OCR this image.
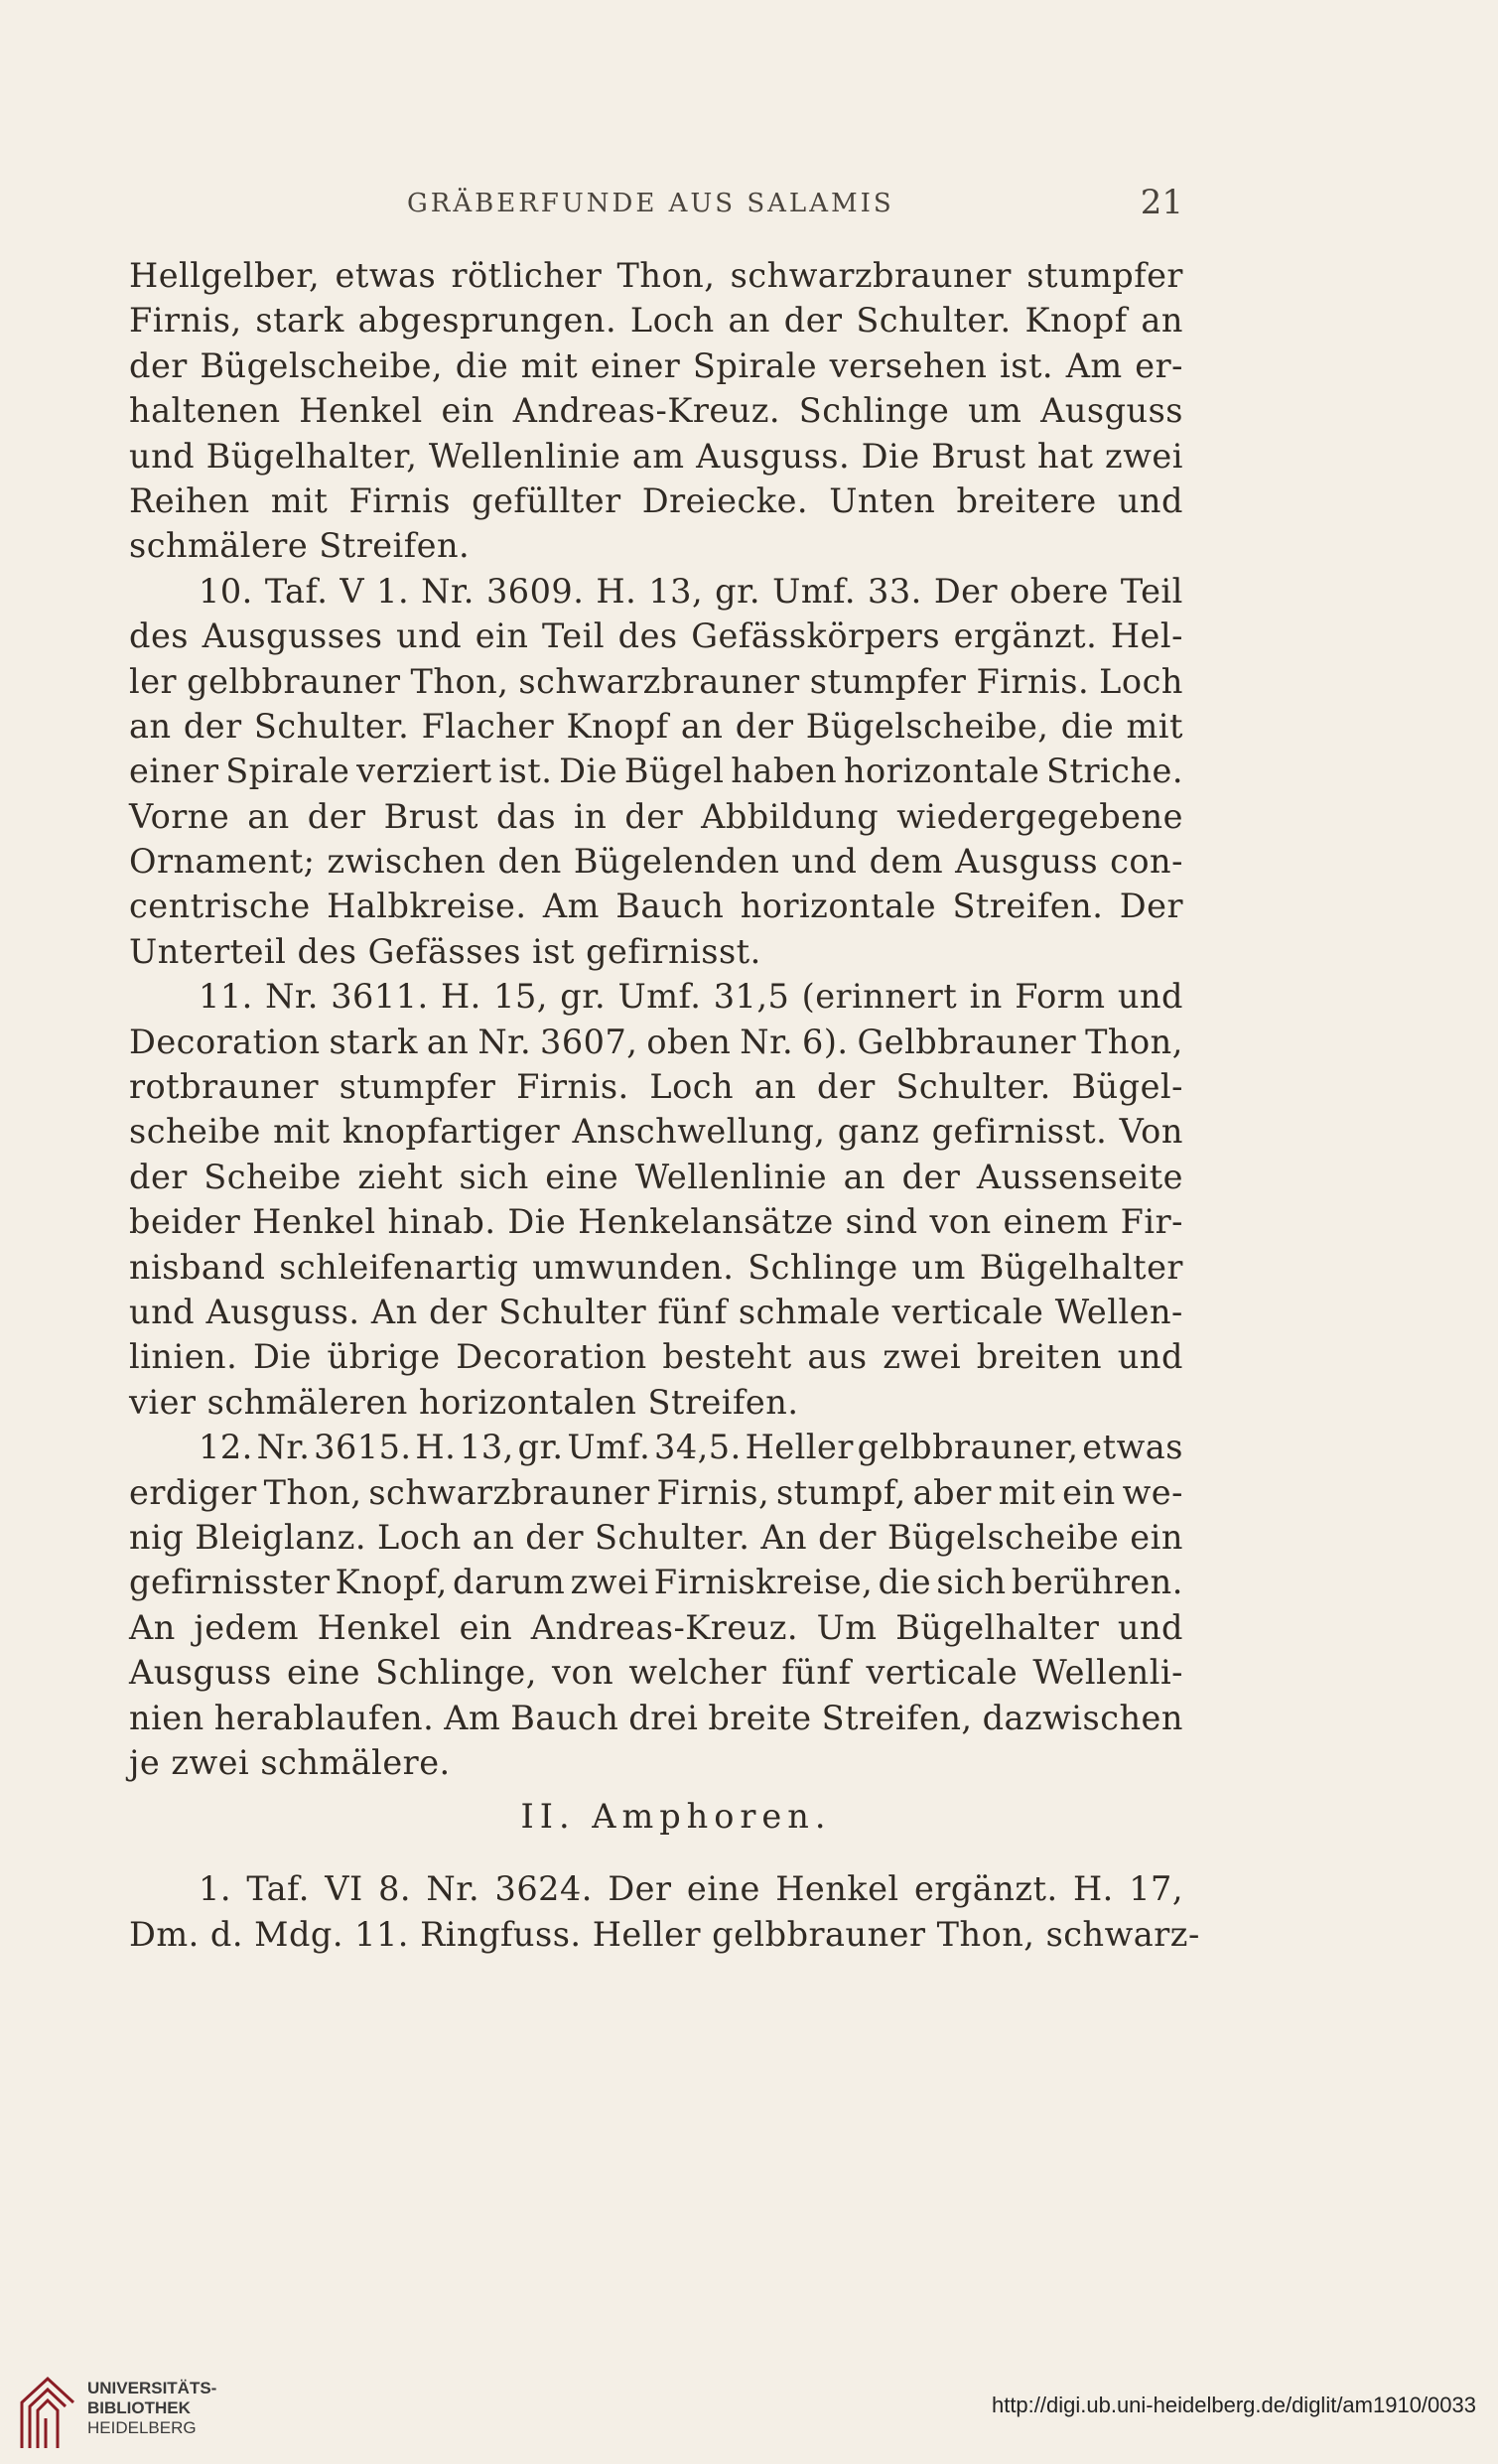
GRÄBERFUNDE AUS SALAMIS	21
Hellgelber, etwas rötlicher Thon, schwarzbrauner stumpfer
Firnis, stark abgesprungen. Loch an der Schulter. Knopf an
der Bügelscheibe, die mit einer Spirale versehen ist. Am er-
haltenen Henkel ein Andreas-Kreuz. Schlinge um Ausguss
und Bügelhalter, Wellenlinie am Ausguss. Die Brust hat zwei
Reihen mit Firnis gefüllter Dreiecke. Unten breitere und
schmälere Streifen.
10. Taf. V 1. Nr. 3609. H. 13, gr. Umf. 33. Der obere Teil
des Ausgusses und ein Teil des Gefässkörpers ergänzt. Hel-
ler gelbbrauner Thon, schwarzbrauner stumpfer Firnis. Loch
an der Schulter. Flacher Knopf an der Bügelscheibe, die mit
einer Spirale verziert ist. Die Bügel haben horizontale Striche.
Vorne an der Brust das in der Abbildung wiedergegebene
Ornament; zwischen den Bügelenden und dem Ausguss con-
centrische Halbkreise. Am Bauch horizontale Streifen. Der
Unterteil des Gefässes ist gefirnisst.
11. Nr. 3611. H. 15, gr. Umf. 31,5 (erinnert in Form und
Decoration stark an Nr. 3607, oben Nr. 6). Gelbbrauner Thon,
rotbrauner stumpfer Firnis. Loch an der Schulter. Bügel-
scheibe mit knopfartiger Anschwellung, ganz gefirnisst. Von
der Scheibe zieht sich eine Wellenlinie an der Aussenseite
beider Henkel hinab. Die Henkelansätze sind von einem Fir-
nisband schleifenartig umwunden. Schlinge um Bügelhalter
und Ausguss. An der Schulter fünf schmale verticale Wellen-
linien. Die übrige Decoration besteht aus zwei breiten und
vier schmäleren horizontalen Streifen.
12. Nr. 3615. H. 13, gr. Umf. 34,5. Heller gelbbrauner, etwas
erdiger Thon, schwarzbrauner Firnis, stumpf, aber mit ein we-
nig Bleiglanz. Loch an der Schulter. An der Bügelscheibe ein
gefirnisster Knopf, darum zwei Firniskreise, die sich berühren.
An jedem Henkel ein Andreas-Kreuz. Um Bügelhalter und
Ausguss eine Schlinge, von welcher fünf verticale Wellenli-
nien herablaufen. Am Bauch drei breite Streifen, dazwischen
je zwei schmälere.
II. Amphoren.
1. Taf. VI 8. Nr. 3624. Der eine Henkel ergänzt. H. 17,
Dm. d. Mdg. 11. Ringfuss. Heller gelbbrauner Thon, schwarz-
UNIVERSITÄTS-
BIBLIOTHEK
HEIDELBERG
http://digi.ub.uni-heidelberg.de/diglit/am1910/0033
